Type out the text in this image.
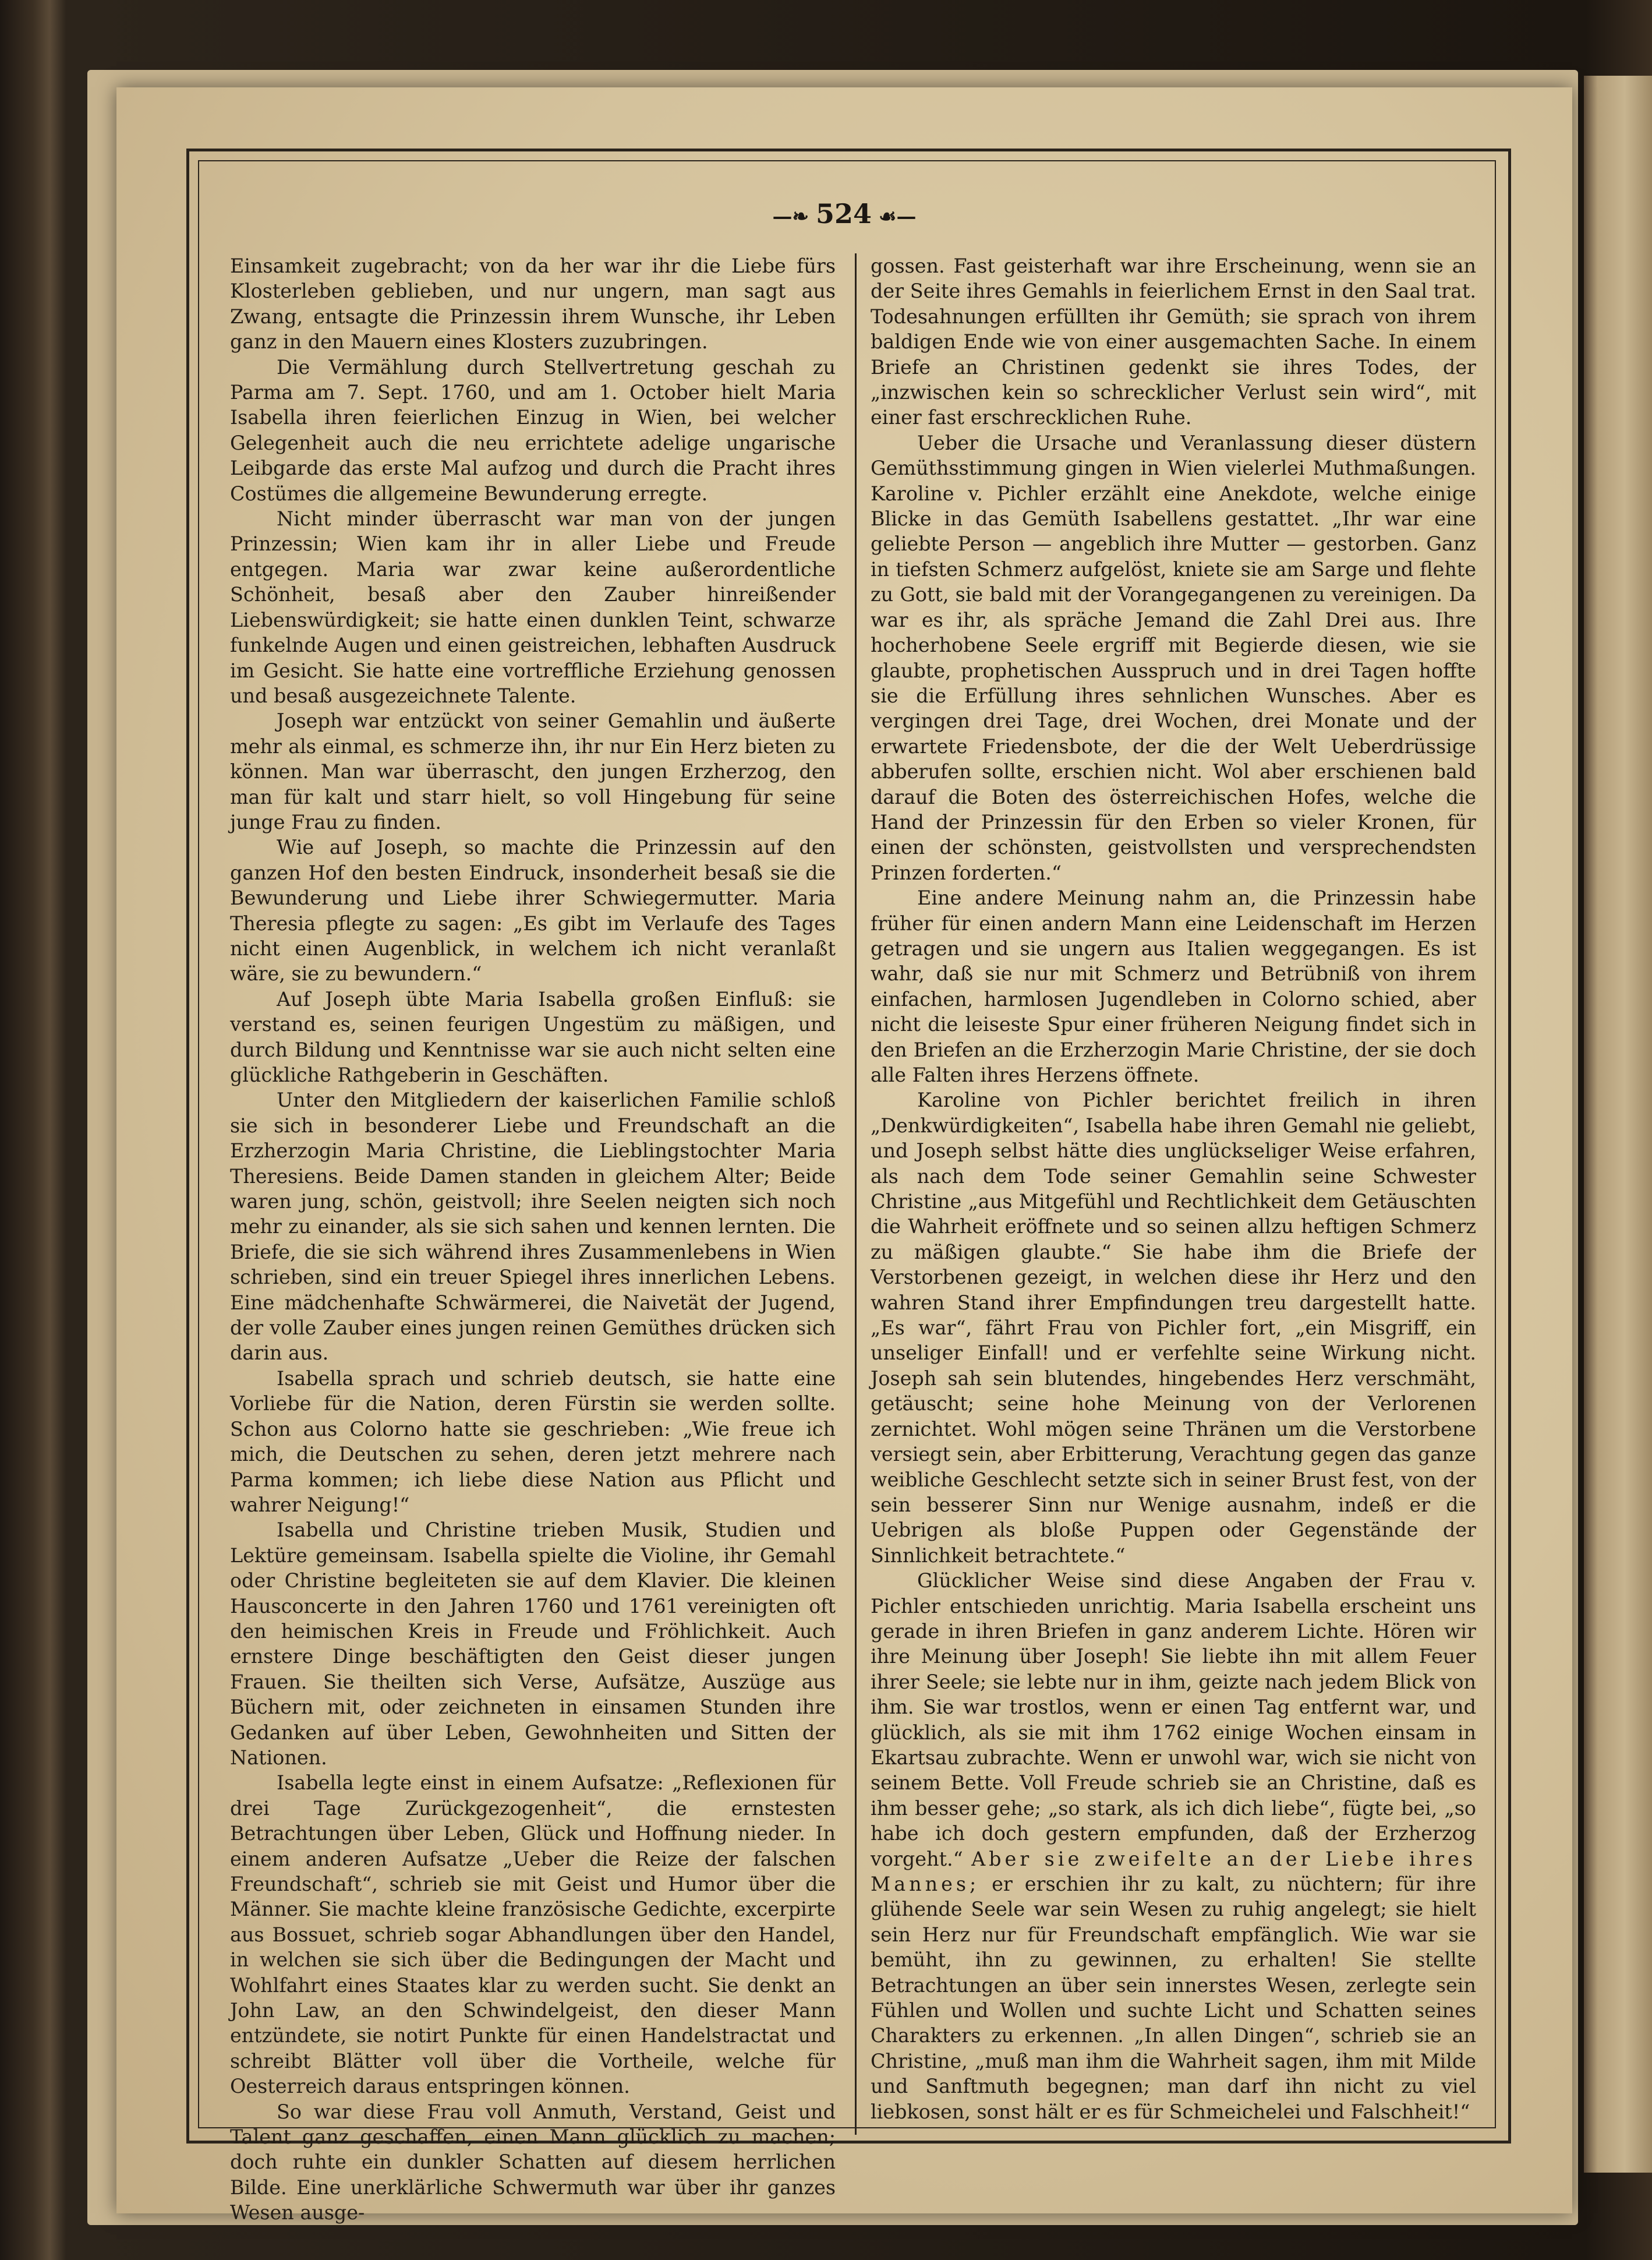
—❧ 524 ☙—

Einsamkeit zugebracht; von da her war ihr die Liebe fürs Klosterleben geblieben, und nur ungern, man sagt aus Zwang, entsagte die Prinzessin ihrem Wunsche, ihr Leben ganz in den Mauern eines Klosters zuzubringen.

Die Vermählung durch Stellvertretung geschah zu Parma am 7. Sept. 1760, und am 1. October hielt Maria Isabella ihren feierlichen Einzug in Wien, bei welcher Gelegenheit auch die neu errichtete adelige ungarische Leibgarde das erste Mal aufzog und durch die Pracht ihres Costümes die allgemeine Bewunderung erregte.

Nicht minder überrascht war man von der jungen Prinzessin; Wien kam ihr in aller Liebe und Freude entgegen. Maria war zwar keine außerordentliche Schönheit, besaß aber den Zauber hinreißender Liebenswürdigkeit; sie hatte einen dunklen Teint, schwarze funkelnde Augen und einen geistreichen, lebhaften Ausdruck im Gesicht. Sie hatte eine vortreffliche Erziehung genossen und besaß ausgezeichnete Talente.

Joseph war entzückt von seiner Gemahlin und äußerte mehr als einmal, es schmerze ihn, ihr nur Ein Herz bieten zu können. Man war überrascht, den jungen Erzherzog, den man für kalt und starr hielt, so voll Hingebung für seine junge Frau zu finden.

Wie auf Joseph, so machte die Prinzessin auf den ganzen Hof den besten Eindruck, insonderheit besaß sie die Bewunderung und Liebe ihrer Schwiegermutter. Maria Theresia pflegte zu sagen: „Es gibt im Verlaufe des Tages nicht einen Augenblick, in welchem ich nicht veranlaßt wäre, sie zu bewundern.“

Auf Joseph übte Maria Isabella großen Einfluß: sie verstand es, seinen feurigen Ungestüm zu mäßigen, und durch Bildung und Kenntnisse war sie auch nicht selten eine glückliche Rathgeberin in Geschäften.

Unter den Mitgliedern der kaiserlichen Familie schloß sie sich in besonderer Liebe und Freundschaft an die Erzherzogin Maria Christine, die Lieblingstochter Maria Theresiens. Beide Damen standen in gleichem Alter; Beide waren jung, schön, geistvoll; ihre Seelen neigten sich noch mehr zu einander, als sie sich sahen und kennen lernten. Die Briefe, die sie sich während ihres Zusammenlebens in Wien schrieben, sind ein treuer Spiegel ihres innerlichen Lebens. Eine mädchenhafte Schwärmerei, die Naivetät der Jugend, der volle Zauber eines jungen reinen Gemüthes drücken sich darin aus.

Isabella sprach und schrieb deutsch, sie hatte eine Vorliebe für die Nation, deren Fürstin sie werden sollte. Schon aus Colorno hatte sie geschrieben: „Wie freue ich mich, die Deutschen zu sehen, deren jetzt mehrere nach Parma kommen; ich liebe diese Nation aus Pflicht und wahrer Neigung!“

Isabella und Christine trieben Musik, Studien und Lektüre gemeinsam. Isabella spielte die Violine, ihr Gemahl oder Christine begleiteten sie auf dem Klavier. Die kleinen Hausconcerte in den Jahren 1760 und 1761 vereinigten oft den heimischen Kreis in Freude und Fröhlichkeit. Auch ernstere Dinge beschäftigten den Geist dieser jungen Frauen. Sie theilten sich Verse, Aufsätze, Auszüge aus Büchern mit, oder zeichneten in einsamen Stunden ihre Gedanken auf über Leben, Gewohnheiten und Sitten der Nationen.

Isabella legte einst in einem Aufsatze: „Reflexionen für drei Tage Zurückgezogenheit“, die ernstesten Betrachtungen über Leben, Glück und Hoffnung nieder. In einem anderen Aufsatze „Ueber die Reize der falschen Freundschaft“, schrieb sie mit Geist und Humor über die Männer. Sie machte kleine französische Gedichte, excerpirte aus Bossuet, schrieb sogar Abhandlungen über den Handel, in welchen sie sich über die Bedingungen der Macht und Wohlfahrt eines Staates klar zu werden sucht. Sie denkt an John Law, an den Schwindelgeist, den dieser Mann entzündete, sie notirt Punkte für einen Handelstractat und schreibt Blätter voll über die Vortheile, welche für Oesterreich daraus entspringen können.

So war diese Frau voll Anmuth, Verstand, Geist und Talent ganz geschaffen, einen Mann glücklich zu machen; doch ruhte ein dunkler Schatten auf diesem herrlichen Bilde. Eine unerklärliche Schwermuth war über ihr ganzes Wesen ausge-

gossen. Fast geisterhaft war ihre Erscheinung, wenn sie an der Seite ihres Gemahls in feierlichem Ernst in den Saal trat. Todesahnungen erfüllten ihr Gemüth; sie sprach von ihrem baldigen Ende wie von einer ausgemachten Sache. In einem Briefe an Christinen gedenkt sie ihres Todes, der „inzwischen kein so schrecklicher Verlust sein wird“, mit einer fast erschrecklichen Ruhe.

Ueber die Ursache und Veranlassung dieser düstern Gemüthsstimmung gingen in Wien vielerlei Muthmaßungen. Karoline v. Pichler erzählt eine Anekdote, welche einige Blicke in das Gemüth Isabellens gestattet. „Ihr war eine geliebte Person — angeblich ihre Mutter — gestorben. Ganz in tiefsten Schmerz aufgelöst, kniete sie am Sarge und flehte zu Gott, sie bald mit der Vorangegangenen zu vereinigen. Da war es ihr, als spräche Jemand die Zahl Drei aus. Ihre hocherhobene Seele ergriff mit Begierde diesen, wie sie glaubte, prophetischen Ausspruch und in drei Tagen hoffte sie die Erfüllung ihres sehnlichen Wunsches. Aber es vergingen drei Tage, drei Wochen, drei Monate und der erwartete Friedensbote, der die der Welt Ueberdrüssige abberufen sollte, erschien nicht. Wol aber erschienen bald darauf die Boten des österreichischen Hofes, welche die Hand der Prinzessin für den Erben so vieler Kronen, für einen der schönsten, geistvollsten und versprechendsten Prinzen forderten.“

Eine andere Meinung nahm an, die Prinzessin habe früher für einen andern Mann eine Leidenschaft im Herzen getragen und sie ungern aus Italien weggegangen. Es ist wahr, daß sie nur mit Schmerz und Betrübniß von ihrem einfachen, harmlosen Jugendleben in Colorno schied, aber nicht die leiseste Spur einer früheren Neigung findet sich in den Briefen an die Erzherzogin Marie Christine, der sie doch alle Falten ihres Herzens öffnete.

Karoline von Pichler berichtet freilich in ihren „Denkwürdigkeiten“, Isabella habe ihren Gemahl nie geliebt, und Joseph selbst hätte dies unglückseliger Weise erfahren, als nach dem Tode seiner Gemahlin seine Schwester Christine „aus Mitgefühl und Rechtlichkeit dem Getäuschten die Wahrheit eröffnete und so seinen allzu heftigen Schmerz zu mäßigen glaubte.“ Sie habe ihm die Briefe der Verstorbenen gezeigt, in welchen diese ihr Herz und den wahren Stand ihrer Empfindungen treu dargestellt hatte. „Es war“, fährt Frau von Pichler fort, „ein Misgriff, ein unseliger Einfall! und er verfehlte seine Wirkung nicht. Joseph sah sein blutendes, hingebendes Herz verschmäht, getäuscht; seine hohe Meinung von der Verlorenen zernichtet. Wohl mögen seine Thränen um die Verstorbene versiegt sein, aber Erbitterung, Verachtung gegen das ganze weibliche Geschlecht setzte sich in seiner Brust fest, von der sein besserer Sinn nur Wenige ausnahm, indeß er die Uebrigen als bloße Puppen oder Gegenstände der Sinnlichkeit betrachtete.“

Glücklicher Weise sind diese Angaben der Frau v. Pichler entschieden unrichtig. Maria Isabella erscheint uns gerade in ihren Briefen in ganz anderem Lichte. Hören wir ihre Meinung über Joseph! Sie liebte ihn mit allem Feuer ihrer Seele; sie lebte nur in ihm, geizte nach jedem Blick von ihm. Sie war trostlos, wenn er einen Tag entfernt war, und glücklich, als sie mit ihm 1762 einige Wochen einsam in Ekartsau zubrachte. Wenn er unwohl war, wich sie nicht von seinem Bette. Voll Freude schrieb sie an Christine, daß es ihm besser gehe; „so stark, als ich dich liebe“, fügte bei, „so habe ich doch gestern empfunden, daß der Erzherzog vorgeht.“ Aber sie zweifelte an der Liebe ihres Mannes; er erschien ihr zu kalt, zu nüchtern; für ihre glühende Seele war sein Wesen zu ruhig angelegt; sie hielt sein Herz nur für Freundschaft empfänglich. Wie war sie bemüht, ihn zu gewinnen, zu erhalten! Sie stellte Betrachtungen an über sein innerstes Wesen, zerlegte sein Fühlen und Wollen und suchte Licht und Schatten seines Charakters zu erkennen. „In allen Dingen“, schrieb sie an Christine, „muß man ihm die Wahrheit sagen, ihm mit Milde und Sanftmuth begegnen; man darf ihn nicht zu viel liebkosen, sonst hält er es für Schmeichelei und Falschheit!“
